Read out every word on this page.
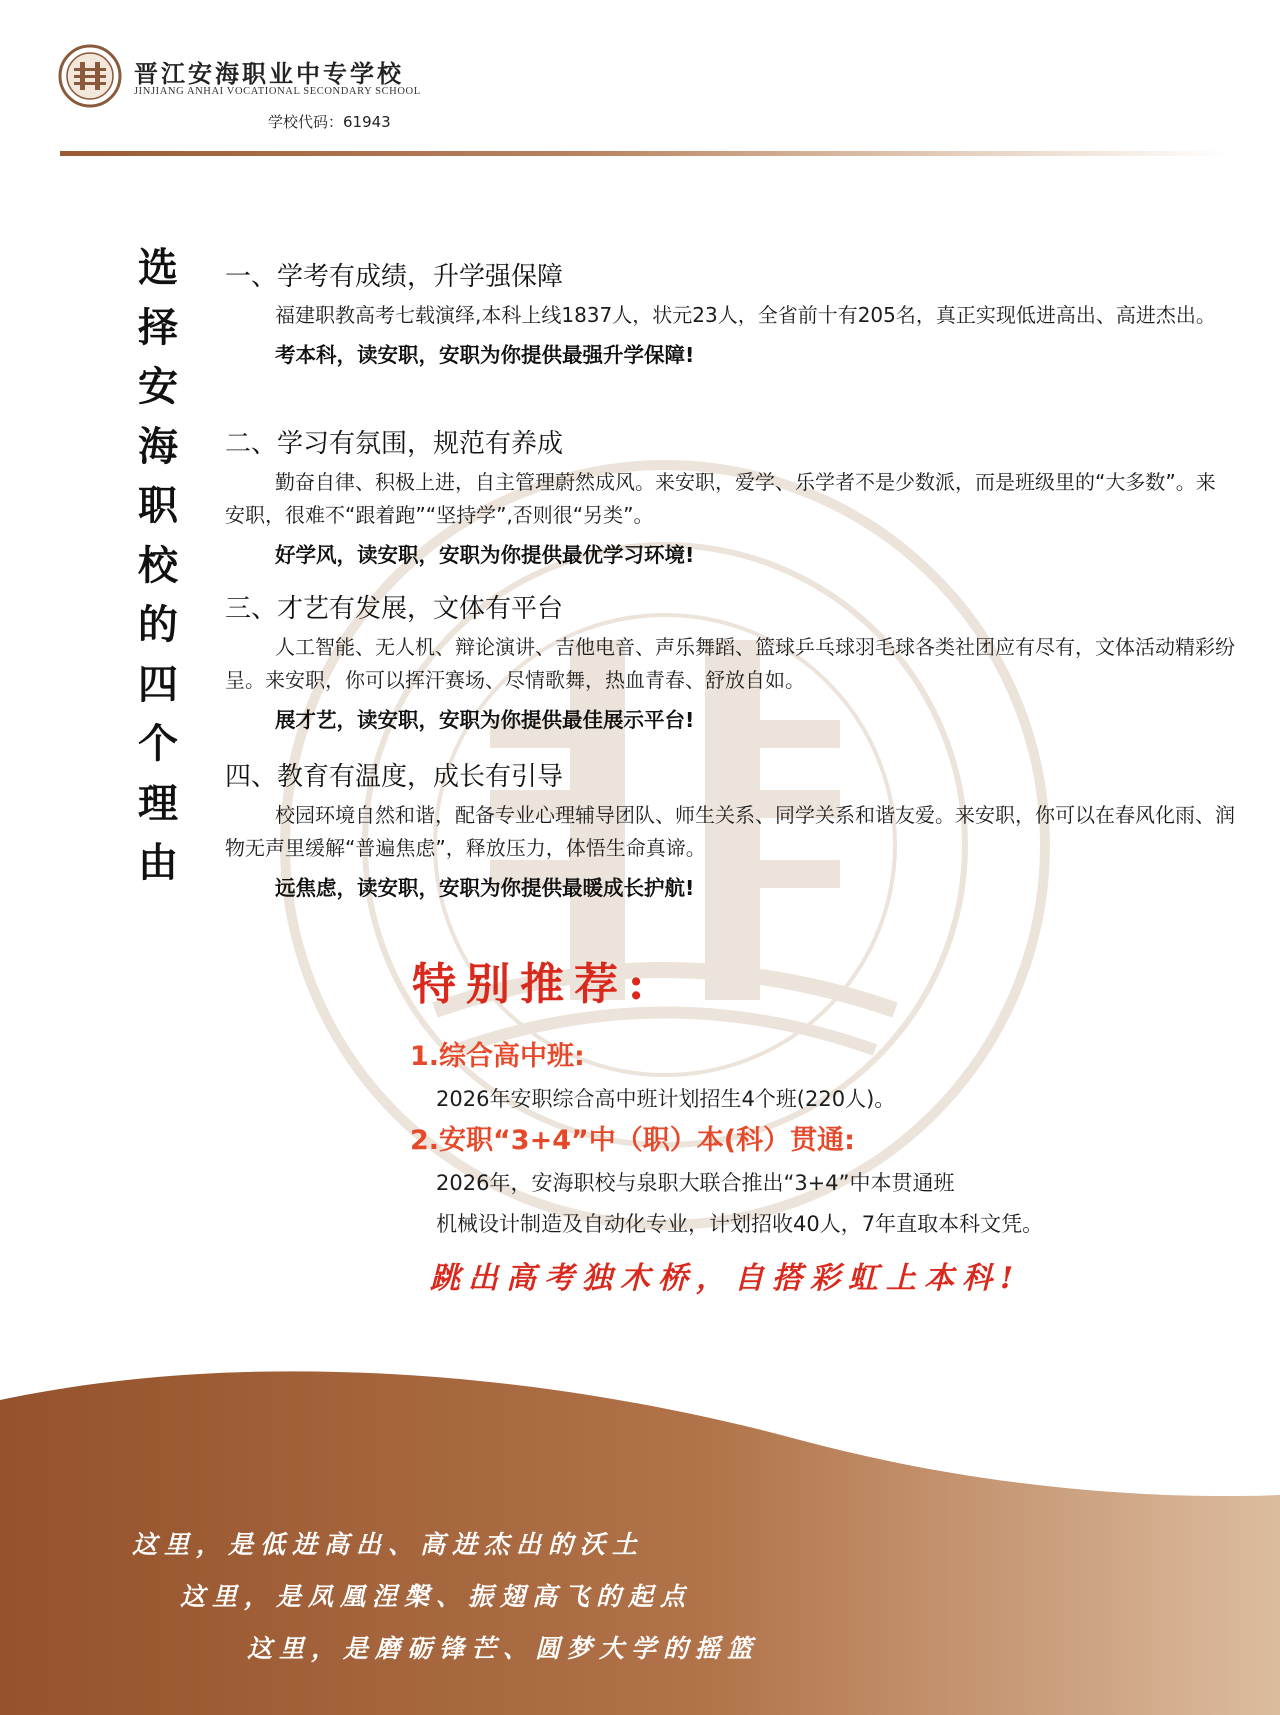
晋江安海职业中专学校
JINJIANG ANHAI VOCATIONAL SECONDARY SCHOOL
学校代码：61943
选
择
安
海
职
校
的
四
个
理
由
一、学考有成绩，升学强保障

福建职教高考七载演绎,本科上线1837人，状元23人，全省前十有205名，真正实现低进高出、高进杰出。

考本科，读安职，安职为你提供最强升学保障!

二、学习有氛围，规范有养成

勤奋自律、积极上进，自主管理蔚然成风。来安职，爱学、乐学者不是少数派，而是班级里的“大多数”。来安职，很难不“跟着跑”“坚持学”,否则很“另类”。

好学风，读安职，安职为你提供最优学习环境!

三、才艺有发展，文体有平台

人工智能、无人机、辩论演讲、吉他电音、声乐舞蹈、篮球乒乓球羽毛球各类社团应有尽有，文体活动精彩纷呈。来安职，你可以挥汗赛场、尽情歌舞，热血青春、舒放自如。

展才艺，读安职，安职为你提供最佳展示平台!

四、教育有温度，成长有引导

校园环境自然和谐，配备专业心理辅导团队、师生关系、同学关系和谐友爱。来安职，你可以在春风化雨、润物无声里缓解“普遍焦虑”，释放压力，体悟生命真谛。

远焦虑，读安职，安职为你提供最暖成长护航!

特别推荐:
1.综合高中班:
2026年安职综合高中班计划招生4个班(220人)。
2.安职“3+4”中（职）本(科）贯通:
2026年，安海职校与泉职大联合推出“3+4”中本贯通班
机械设计制造及自动化专业，计划招收40人，7年直取本科文凭。
跳出高考独木桥，自搭彩虹上本科!
这里，是低进高出、高进杰出的沃土
这里，是凤凰涅槃、振翅高飞的起点
这里，是磨砺锋芒、圆梦大学的摇篮
